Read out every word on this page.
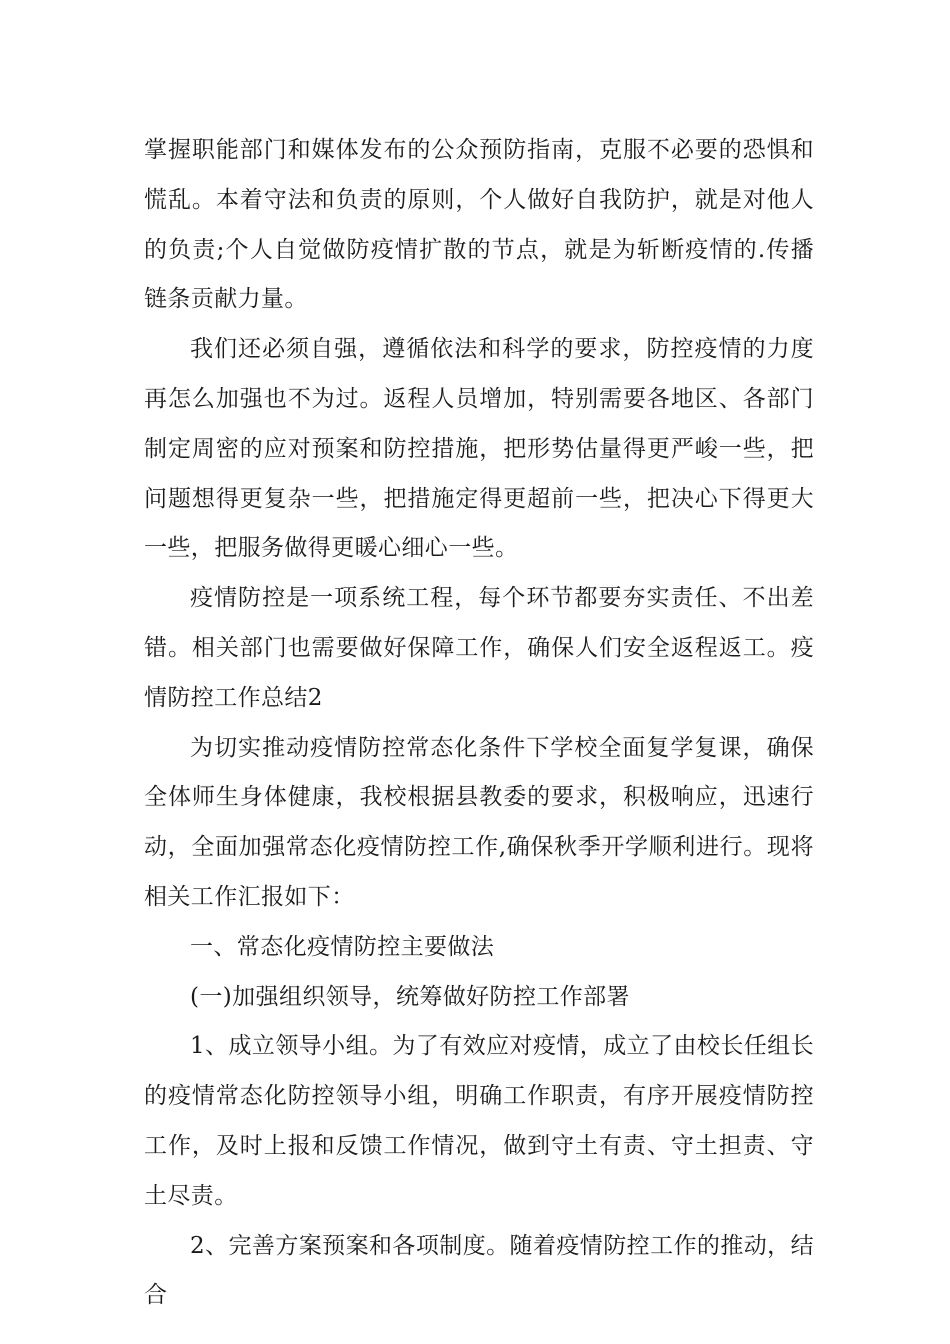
掌握职能部门和媒体发布的公众预防指南，克服不必要的恐惧和慌乱。本着守法和负责的原则，个人做好自我防护，就是对他人的负责;个人自觉做防疫情扩散的节点，就是为斩断疫情的.传播链条贡献力量。

我们还必须自强，遵循依法和科学的要求，防控疫情的力度再怎么加强也不为过。返程人员增加，特别需要各地区、各部门制定周密的应对预案和防控措施，把形势估量得更严峻一些，把问题想得更复杂一些，把措施定得更超前一些，把决心下得更大一些，把服务做得更暖心细心一些。

疫情防控是一项系统工程，每个环节都要夯实责任、不出差错。相关部门也需要做好保障工作，确保人们安全返程返工。疫情防控工作总结2

为切实推动疫情防控常态化条件下学校全面复学复课，确保全体师生身体健康，我校根据县教委的要求，积极响应，迅速行动，全面加强常态化疫情防控工作,确保秋季开学顺利进行。现将相关工作汇报如下：

一、常态化疫情防控主要做法

(一)加强组织领导，统筹做好防控工作部署

1、成立领导小组。为了有效应对疫情，成立了由校长任组长的疫情常态化防控领导小组，明确工作职责，有序开展疫情防控工作，及时上报和反馈工作情况，做到守土有责、守土担责、守土尽责。

2、完善方案预案和各项制度。随着疫情防控工作的推动，结合
